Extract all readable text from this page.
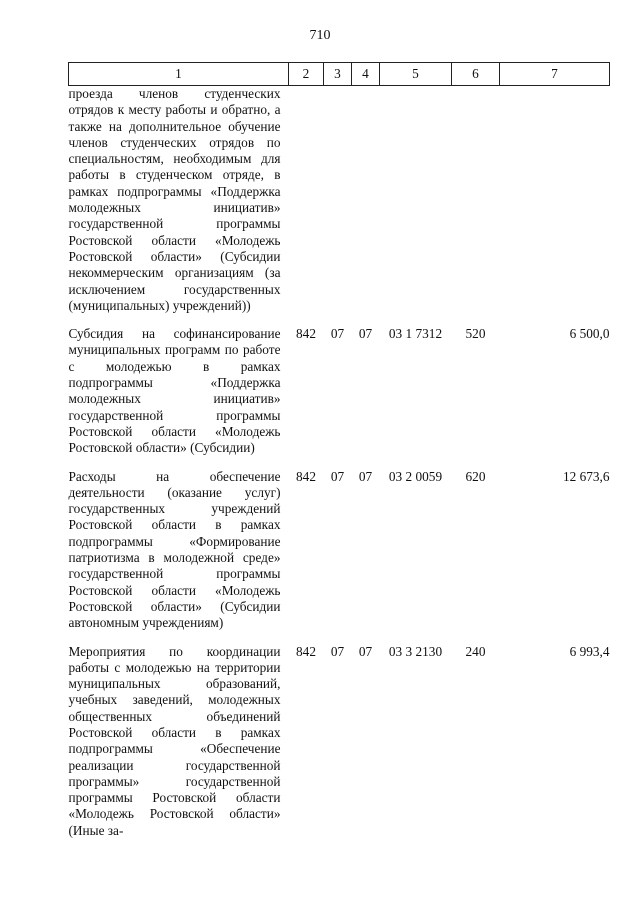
710
1	2	3	4	5	6	7
проезда членов студенческих отрядов к месту работы и обратно, а также на дополнительное обучение членов студенческих отрядов по специальностям, необходимым для работы в студенческом отряде, в рамках подпрограммы «Поддержка молодежных инициатив» государственной программы Ростовской области «Молодежь Ростовской области» (Субсидии некоммерческим организациям (за исключением государственных (муниципальных) учреждений))						

Субсидия на софинансирование муниципальных программ по работе с молодежью в рамках подпрограммы «Поддержка молодежных инициатив» государственной программы Ростовской области «Молодежь Ростовской области» (Субсидии)	842	07	07	03 1 7312	520	6 500,0

Расходы на обеспечение деятельности (оказание услуг) государственных учреждений Ростовской области в рамках подпрограммы «Формирование патриотизма в молодежной среде» государственной программы Ростовской области «Молодежь Ростовской области» (Субсидии автономным учреждениям)	842	07	07	03 2 0059	620	12 673,6

Мероприятия по координации работы с молодежью на территории муниципальных образований, учебных заведений, молодежных общественных объединений Ростовской области в рамках подпрограммы «Обеспечение реализации государственной программы» государственной программы Ростовской области «Молодежь Ростовской области» (Иные за-	842	07	07	03 3 2130	240	6 993,4
